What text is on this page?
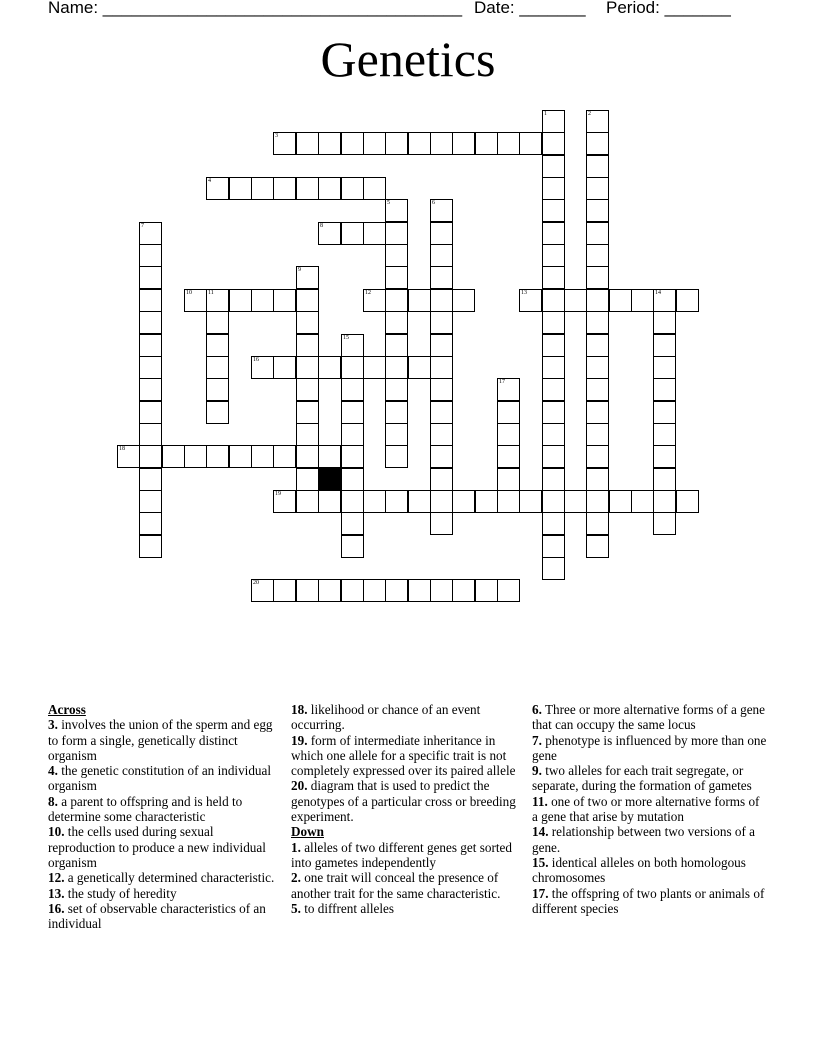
Name: ______________________________________ Date: _______ Period: _______
Genetics
1	2
3
4
5	6
7	8
9
10	11	12	13	14
15
16
17
18
19
20
Across
3. involves the union of the sperm and egg to form a single, genetically distinct organism
4. the genetic constitution of an individual organism
8. a parent to offspring and is held to determine some characteristic
10. the cells used during sexual reproduction to produce a new individual organism
12. a genetically determined characteristic.
13. the study of heredity
16. set of observable characteristics of an individual
18. likelihood or chance of an event occurring.
19. form of intermediate inheritance in which one allele for a specific trait is not completely expressed over its paired allele
20. diagram that is used to predict the genotypes of a particular cross or breeding experiment.
Down
1. alleles of two different genes get sorted into gametes independently
2. one trait will conceal the presence of another trait for the same characteristic.
5. to diffrent alleles
6. Three or more alternative forms of a gene that can occupy the same locus
7. phenotype is influenced by more than one gene
9. two alleles for each trait segregate, or separate, during the formation of gametes
11. one of two or more alternative forms of a gene that arise by mutation
14. relationship between two versions of a gene.
15. identical alleles on both homologous chromosomes
17. the offspring of two plants or animals of different species
